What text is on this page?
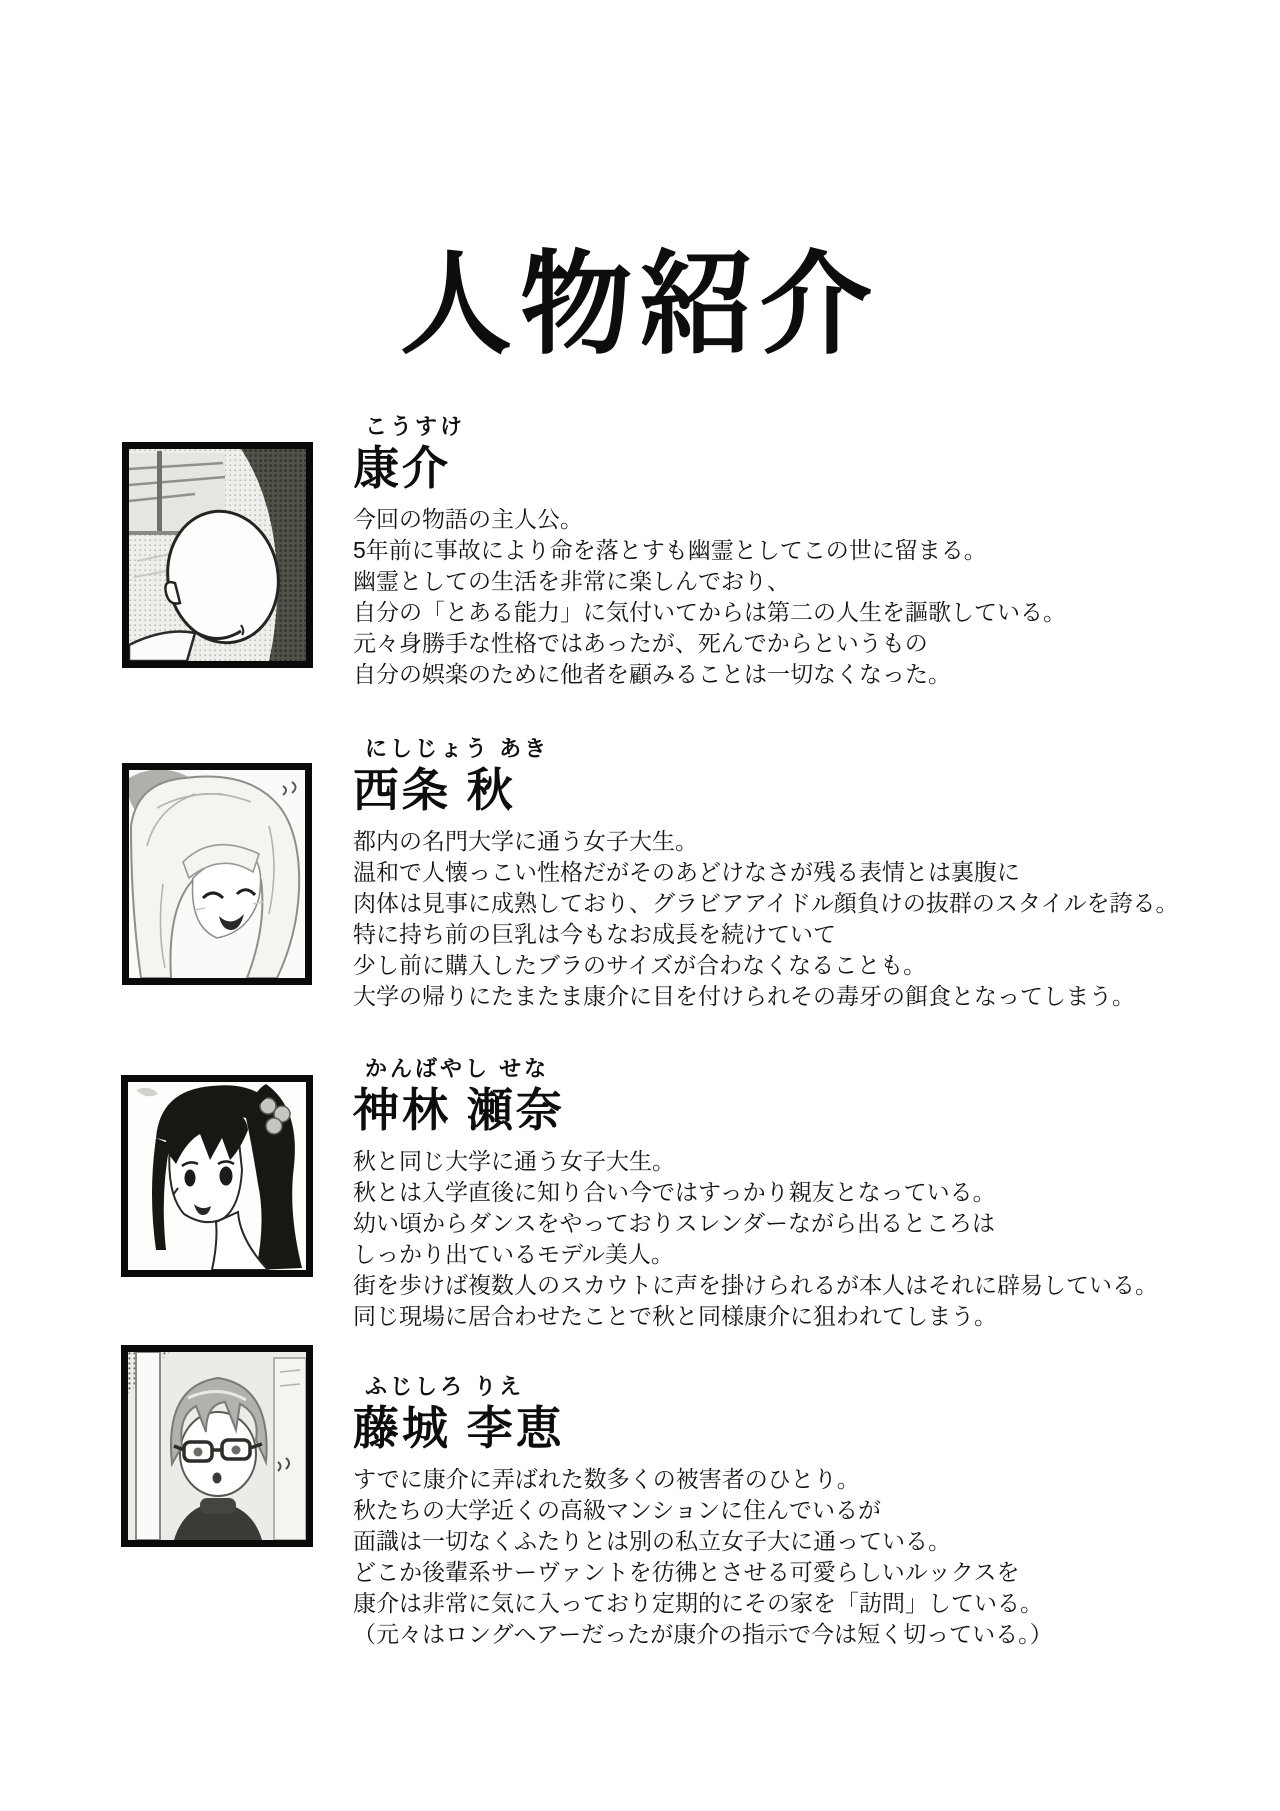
人物紹介
こうすけ
康介
今回の物語の主人公。
5年前に事故により命を落とすも幽霊としてこの世に留まる。
幽霊としての生活を非常に楽しんでおり、
自分の「とある能力」に気付いてからは第二の人生を謳歌している。
元々身勝手な性格ではあったが、死んでからというもの
自分の娯楽のために他者を顧みることは一切なくなった。
にしじょう あき
西条 秋
都内の名門大学に通う女子大生。
温和で人懐っこい性格だがそのあどけなさが残る表情とは裏腹に
肉体は見事に成熟しており、グラビアアイドル顔負けの抜群のスタイルを誇る。
特に持ち前の巨乳は今もなお成長を続けていて
少し前に購入したブラのサイズが合わなくなることも。
大学の帰りにたまたま康介に目を付けられその毒牙の餌食となってしまう。
かんばやし せな
神林 瀬奈
秋と同じ大学に通う女子大生。
秋とは入学直後に知り合い今ではすっかり親友となっている。
幼い頃からダンスをやっておりスレンダーながら出るところは
しっかり出ているモデル美人。
街を歩けば複数人のスカウトに声を掛けられるが本人はそれに辟易している。
同じ現場に居合わせたことで秋と同様康介に狙われてしまう。
ふじしろ りえ
藤城 李恵
すでに康介に弄ばれた数多くの被害者のひとり。
秋たちの大学近くの高級マンションに住んでいるが
面識は一切なくふたりとは別の私立女子大に通っている。
どこか後輩系サーヴァントを彷彿とさせる可愛らしいルックスを
康介は非常に気に入っており定期的にその家を「訪問」している。
（元々はロングヘアーだったが康介の指示で今は短く切っている。）
